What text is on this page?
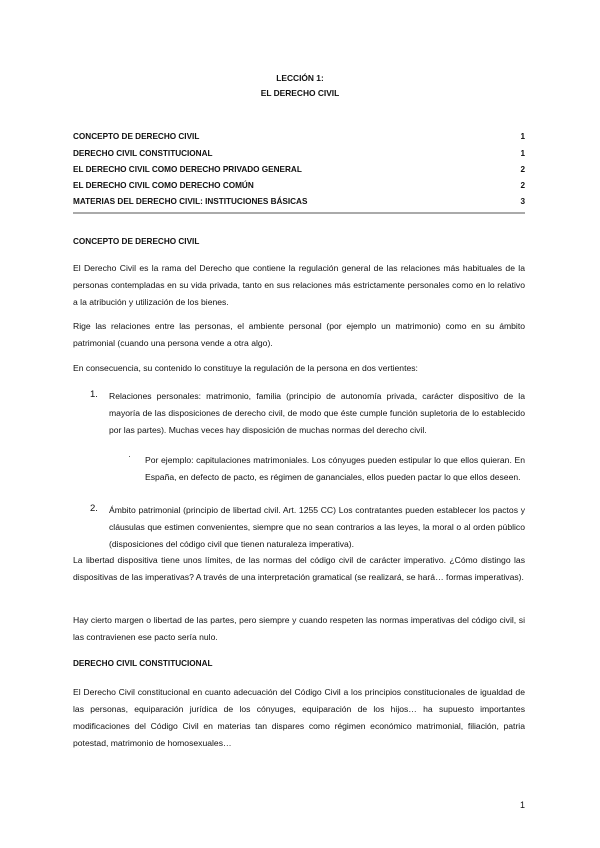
LECCIÓN 1:
EL DERECHO CIVIL
CONCEPTO DE DERECHO CIVIL	1
DERECHO CIVIL CONSTITUCIONAL	1
EL DERECHO CIVIL COMO DERECHO PRIVADO GENERAL	2
EL DERECHO CIVIL COMO DERECHO COMÚN	2
MATERIAS DEL DERECHO CIVIL: INSTITUCIONES BÁSICAS	3
CONCEPTO DE DERECHO CIVIL
El Derecho Civil es la rama del Derecho que contiene la regulación general de las relaciones más habituales de la personas contempladas en su vida privada, tanto en sus relaciones más estrictamente personales como en lo relativo a la atribución y utilización de los bienes.
Rige las relaciones entre las personas, el ambiente personal (por ejemplo un matrimonio) como en su ámbito patrimonial (cuando una persona vende a otra algo).
En consecuencia, su contenido lo constituye la regulación de la persona en dos vertientes:
1. Relaciones personales: matrimonio, familia (principio de autonomía privada, carácter dispositivo de la mayoría de las disposiciones de derecho civil, de modo que éste cumple función supletoria de lo establecido por las partes). Muchas veces hay disposición de muchas normas del derecho civil.
· Por ejemplo: capitulaciones matrimoniales. Los cónyuges pueden estipular lo que ellos quieran. En España, en defecto de pacto, es régimen de gananciales, ellos pueden pactar lo que ellos deseen.
2. Ámbito patrimonial (principio de libertad civil. Art. 1255 CC) Los contratantes pueden establecer los pactos y cláusulas que estimen convenientes, siempre que no sean contrarios a las leyes, la moral o al orden público (disposiciones del código civil que tienen naturaleza imperativa).
La libertad dispositiva tiene unos límites, de las normas del código civil de carácter imperativo. ¿Cómo distingo las dispositivas de las imperativas? A través de una interpretación gramatical (se realizará, se hará… formas imperativas).
Hay cierto margen o libertad de las partes, pero siempre y cuando respeten las normas imperativas del código civil, si las contravienen ese pacto sería nulo.
DERECHO CIVIL CONSTITUCIONAL
El Derecho Civil constitucional en cuanto adecuación del Código Civil a los principios constitucionales de igualdad de las personas, equiparación jurídica de los cónyuges, equiparación de los hijos… ha supuesto importantes modificaciones del Código Civil en materias tan dispares como régimen económico matrimonial, filiación, patria potestad, matrimonio de homosexuales…
1
